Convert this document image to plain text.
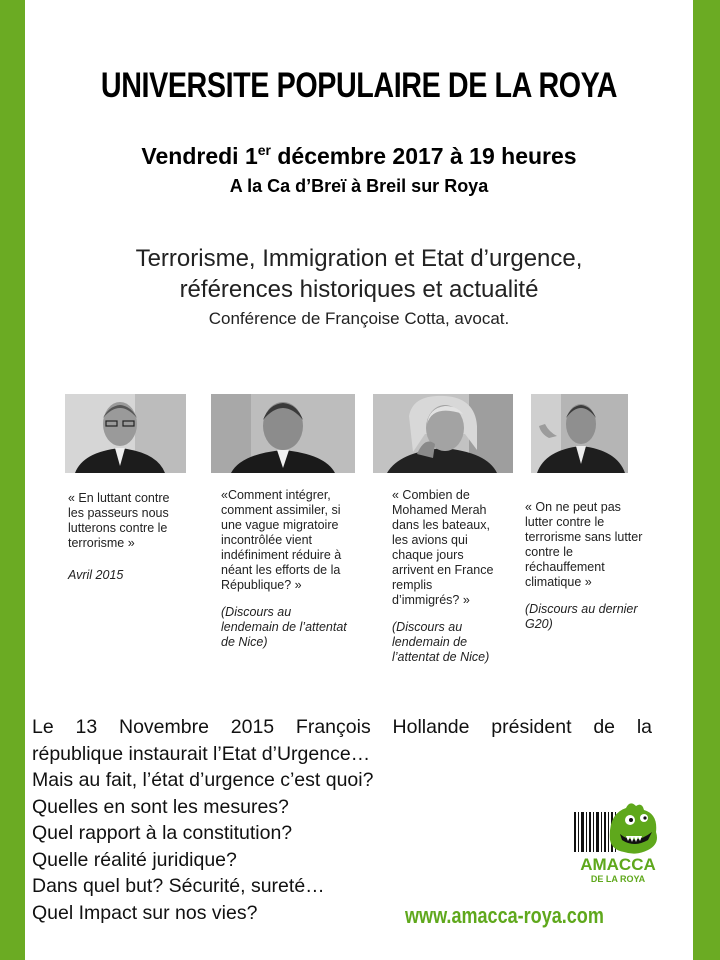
UNIVERSITE POPULAIRE DE LA ROYA
Vendredi 1er décembre 2017 à 19 heures
A la Ca d’Breï à Breil sur Roya
Terrorisme, Immigration et Etat d’urgence,
références historiques et actualité
Conférence de Françoise Cotta, avocat.
« En luttant contre
les passeurs nous
lutterons contre le
terrorisme »
Avril 2015
«Comment intégrer,
comment assimiler, si
une vague migratoire
incontrôlée vient
indéfiniment réduire à
néant les efforts de la
République? »
(Discours au
lendemain de l’attentat
de Nice)
« Combien de
Mohamed Merah
dans les bateaux,
les avions qui
chaque jours
arrivent en France
remplis
d’immigrés? »
(Discours au
lendemain de
l’attentat de Nice)
« On ne peut pas
lutter contre le
terrorisme sans lutter
contre le
réchauffement
climatique »
(Discours au dernier
G20)
Le 13 Novembre 2015 François Hollande président de la
république instaurait l’Etat d’Urgence…
Mais au fait, l’état d’urgence c’est quoi?
Quelles en sont les mesures?
Quel rapport à la constitution?
Quelle réalité juridique?
Dans quel but? Sécurité, sureté…
Quel Impact sur nos vies?
AMACCA
DE LA ROYA
www.amacca-roya.com
